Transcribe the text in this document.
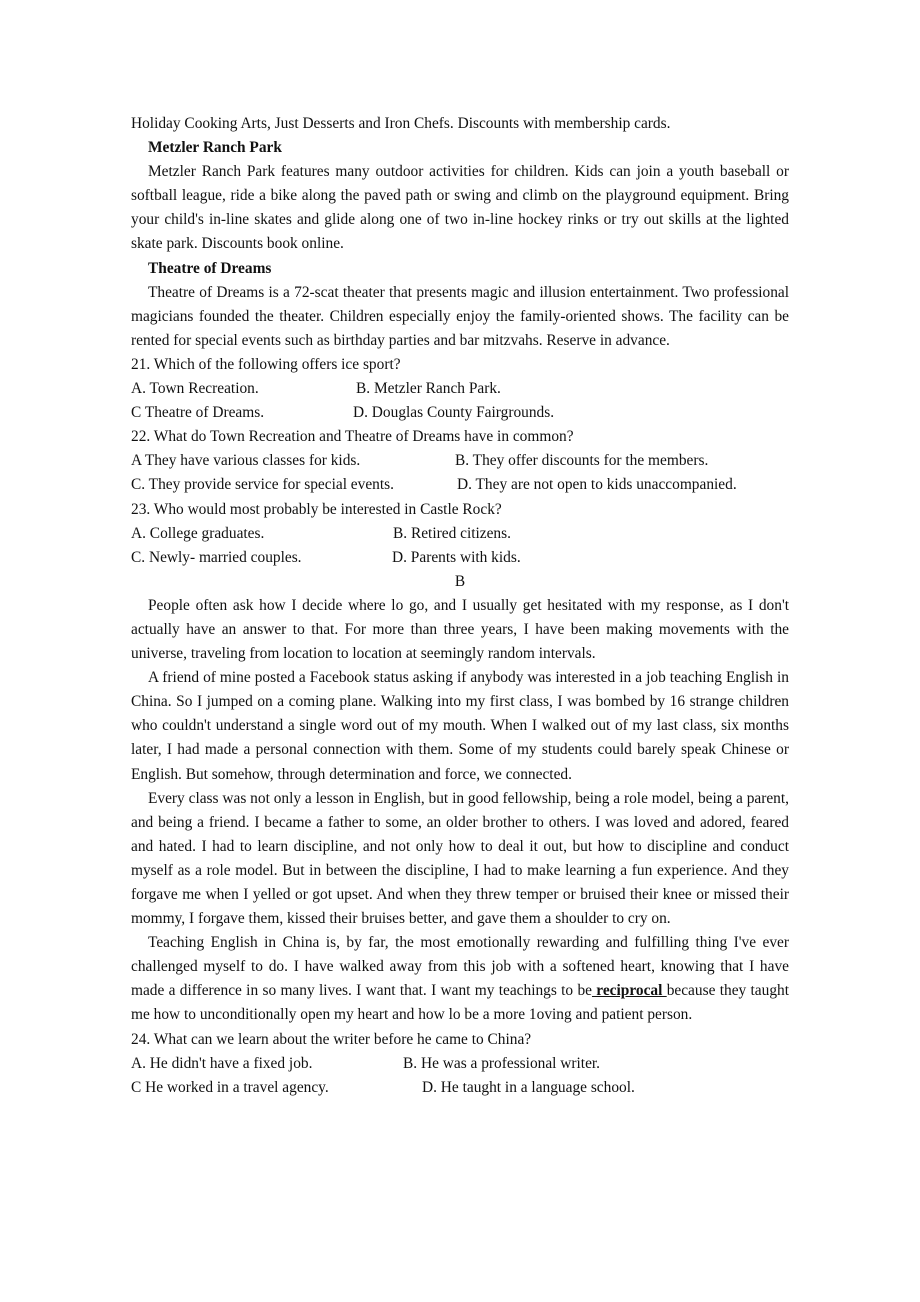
Holiday Cooking Arts, Just Desserts and Iron Chefs. Discounts with membership cards.

Metzler Ranch Park

Metzler Ranch Park features many outdoor activities for children. Kids can join a youth baseball or softball league, ride a bike along the paved path or swing and climb on the playground equipment. Bring your child's in-line skates and glide along one of two in-line hockey rinks or try out skills at the lighted skate park. Discounts book online.

Theatre of Dreams

Theatre of Dreams is a 72-scat theater that presents magic and illusion entertainment. Two professional magicians founded the theater. Children especially enjoy the family-oriented shows. The facility can be rented for special events such as birthday parties and bar mitzvahs. Reserve in advance.

21. Which of the following offers ice sport?
A. Town Recreation.	B. Metzler Ranch Park.
C Theatre of Dreams.	D. Douglas County Fairgrounds.
22. What do Town Recreation and Theatre of Dreams have in common?
A They have various classes for kids.	B. They offer discounts for the members.
C. They provide service for special events.	D. They are not open to kids unaccompanied.
23. Who would most probably be interested in Castle Rock?
A. College graduates.	B. Retired citizens.
C. Newly- married couples.	D. Parents with kids.

B

People often ask how I decide where lo go, and I usually get hesitated with my response, as I don't actually have an answer to that. For more than three years, I have been making movements with the universe, traveling from location to location at seemingly random intervals.

A friend of mine posted a Facebook status asking if anybody was interested in a job teaching English in China. So I jumped on a coming plane. Walking into my first class, I was bombed by 16 strange children who couldn't understand a single word out of my mouth. When I walked out of my last class, six months later, I had made a personal connection with them. Some of my students could barely speak Chinese or English. But somehow, through determination and force, we connected.

Every class was not only a lesson in English, but in good fellowship, being a role model, being a parent, and being a friend. I became a father to some, an older brother to others. I was loved and adored, feared and hated. I had to learn discipline, and not only how to deal it out, but how to discipline and conduct myself as a role model. But in between the discipline, I had to make learning a fun experience. And they forgave me when I yelled or got upset. And when they threw temper or bruised their knee or missed their mommy, I forgave them, kissed their bruises better, and gave them a shoulder to cry on.

Teaching English in China is, by far, the most emotionally rewarding and fulfilling thing I've ever challenged myself to do. I have walked away from this job with a softened heart, knowing that I have made a difference in so many lives. I want that. I want my teachings to be reciprocal because they taught me how to unconditionally open my heart and how lo be a more 1oving and patient person.

24. What can we learn about the writer before he came to China?
A. He didn't have a fixed job.	B. He was a professional writer.
C He worked in a travel agency.	D. He taught in a language school.
